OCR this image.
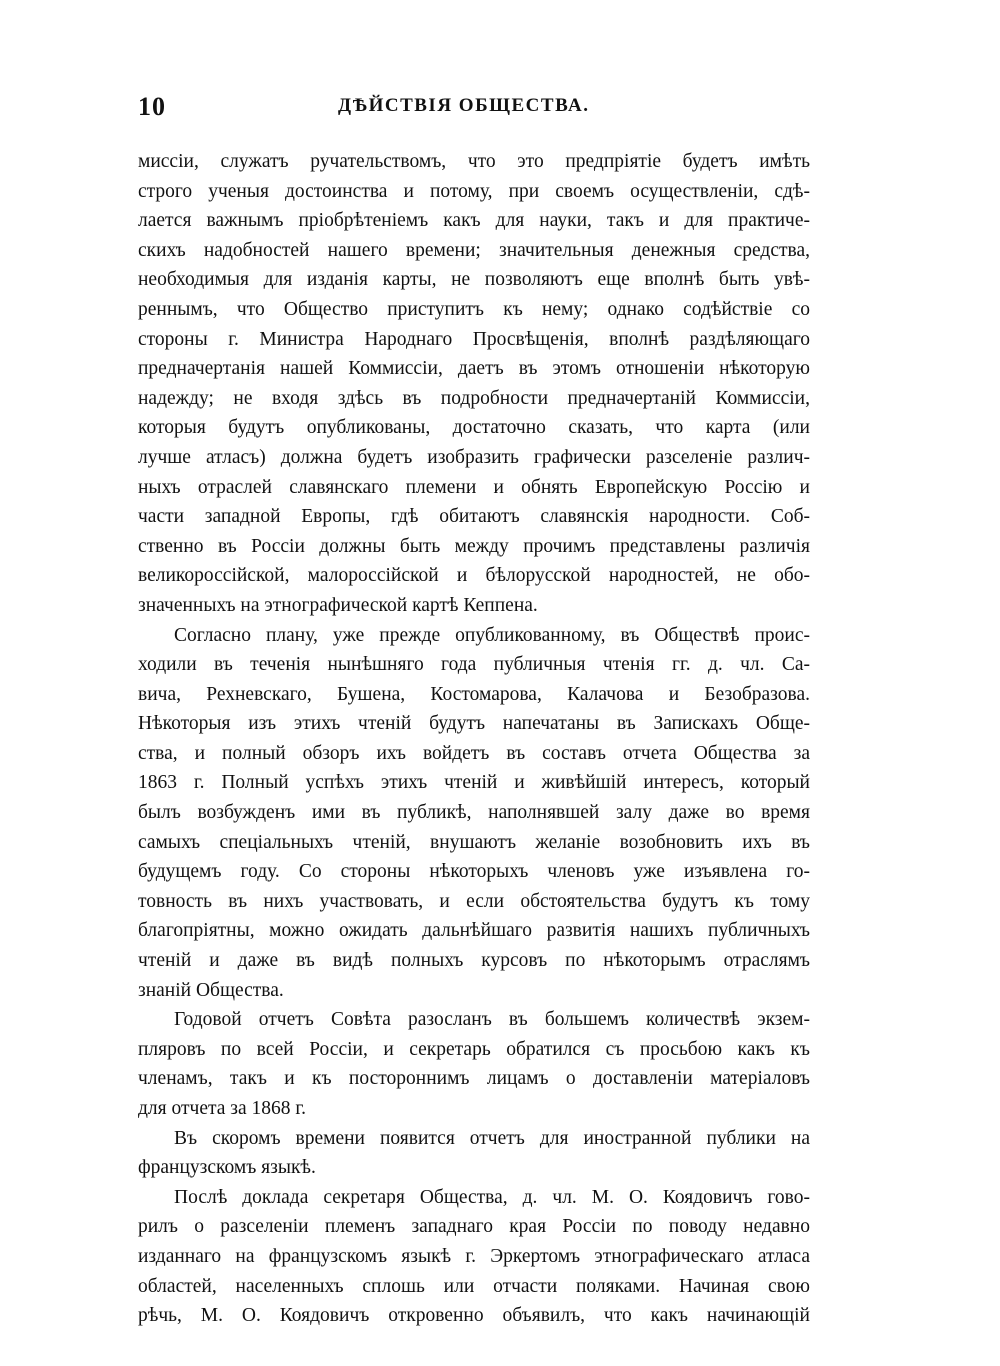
10	ДѢЙСТВІЯ ОБЩЕСТВА.
миссіи, служатъ ручательствомъ, что это предпріятіе будетъ имѣть
строго ученыя достоинства и потому, при своемъ осуществленіи, сдѣ-
лается важнымъ пріобрѣтеніемъ какъ для науки, такъ и для практиче-
скихъ надобностей нашего времени; значительныя денежныя средства,
необходимыя для изданія карты, не позволяютъ еще вполнѣ быть увѣ-
реннымъ, что Общество приступитъ къ нему; однако содѣйствіе со
стороны г. Министра Народнаго Просвѣщенія, вполнѣ раздѣляющаго
предначертанія нашей Коммиссіи, даетъ въ этомъ отношеніи нѣкоторую
надежду; не входя здѣсь въ подробности предначертаній Коммиссіи,
которыя будутъ опубликованы, достаточно сказать, что карта (или
лучше атласъ) должна будетъ изобразить графически разселеніе различ-
ныхъ отраслей славянскаго племени и обнять Европейскую Россію и
части западной Европы, гдѣ обитаютъ славянскія народности. Соб-
ственно въ Россіи должны быть между прочимъ представлены различія
великороссійской, малороссійской и бѣлорусской народностей, не обо-
значенныхъ на этнографической картѣ Кеппена.
Согласно плану, уже прежде опубликованному, въ Обществѣ проис-
ходили въ теченія нынѣшняго года публичныя чтенія гг. д. чл. Са-
вича, Рехневскаго, Бушена, Костомарова, Калачова и Безобразова.
Нѣкоторыя изъ этихъ чтеній будутъ напечатаны въ Запискахъ Обще-
ства, и полный обзоръ ихъ войдетъ въ составъ отчета Общества за
1863 г. Полный успѣхъ этихъ чтеній и живѣйшій интересъ, который
былъ возбужденъ ими въ публикѣ, наполнявшей залу даже во время
самыхъ спеціальныхъ чтеній, внушаютъ желаніе возобновить ихъ въ
будущемъ году. Со стороны нѣкоторыхъ членовъ уже изъявлена го-
товность въ нихъ участвовать, и если обстоятельства будутъ къ тому
благопріятны, можно ожидать дальнѣйшаго развитія нашихъ публичныхъ
чтеній и даже въ видѣ полныхъ курсовъ по нѣкоторымъ отраслямъ
знаній Общества.
Годовой отчетъ Совѣта разосланъ въ большемъ количествѣ экзем-
пляровъ по всей Россіи, и секретарь обратился съ просьбою какъ къ
членамъ, такъ и къ постороннимъ лицамъ о доставленіи матеріаловъ
для отчета за 1868 г.
Въ скоромъ времени появится отчетъ для иностранной публики на
французскомъ языкѣ.
Послѣ доклада секретаря Общества, д. чл. М. О. Коядовичъ гово-
рилъ о разселеніи племенъ западнаго края Россіи по поводу недавно
изданнаго на французскомъ языкѣ г. Эркертомъ этнографическаго атласа
областей, населенныхъ сплошь или отчасти поляками. Начиная свою
рѣчь, М. О. Коядовичъ откровенно объявилъ, что какъ начинающій
